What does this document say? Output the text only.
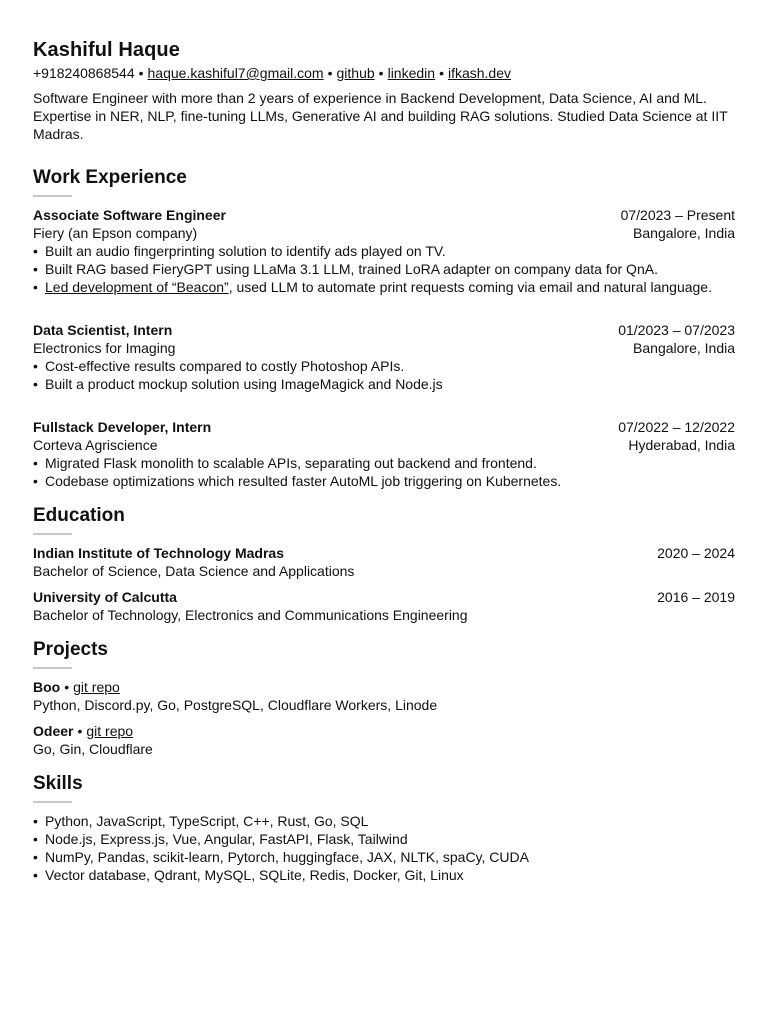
Kashiful Haque
+918240868544 • haque.kashiful7@gmail.com • github • linkedin • ifkash.dev
Software Engineer with more than 2 years of experience in Backend Development, Data Science, AI and ML. Expertise in NER, NLP, fine-tuning LLMs, Generative AI and building RAG solutions. Studied Data Science at IIT Madras.
Work Experience
Associate Software Engineer	07/2023 – Present
Fiery (an Epson company)	Bangalore, India
• Built an audio fingerprinting solution to identify ads played on TV.
• Built RAG based FieryGPT using LLaMa 3.1 LLM, trained LoRA adapter on company data for QnA.
• Led development of “Beacon”, used LLM to automate print requests coming via email and natural language.
Data Scientist, Intern	01/2023 – 07/2023
Electronics for Imaging	Bangalore, India
• Cost-effective results compared to costly Photoshop APIs.
• Built a product mockup solution using ImageMagick and Node.js
Fullstack Developer, Intern	07/2022 – 12/2022
Corteva Agriscience	Hyderabad, India
• Migrated Flask monolith to scalable APIs, separating out backend and frontend.
• Codebase optimizations which resulted faster AutoML job triggering on Kubernetes.
Education
Indian Institute of Technology Madras	2020 – 2024
Bachelor of Science, Data Science and Applications
University of Calcutta	2016 – 2019
Bachelor of Technology, Electronics and Communications Engineering
Projects
Boo • git repo
Python, Discord.py, Go, PostgreSQL, Cloudflare Workers, Linode
Odeer • git repo
Go, Gin, Cloudflare
Skills
• Python, JavaScript, TypeScript, C++, Rust, Go, SQL
• Node.js, Express.js, Vue, Angular, FastAPI, Flask, Tailwind
• NumPy, Pandas, scikit-learn, Pytorch, huggingface, JAX, NLTK, spaCy, CUDA
• Vector database, Qdrant, MySQL, SQLite, Redis, Docker, Git, Linux
